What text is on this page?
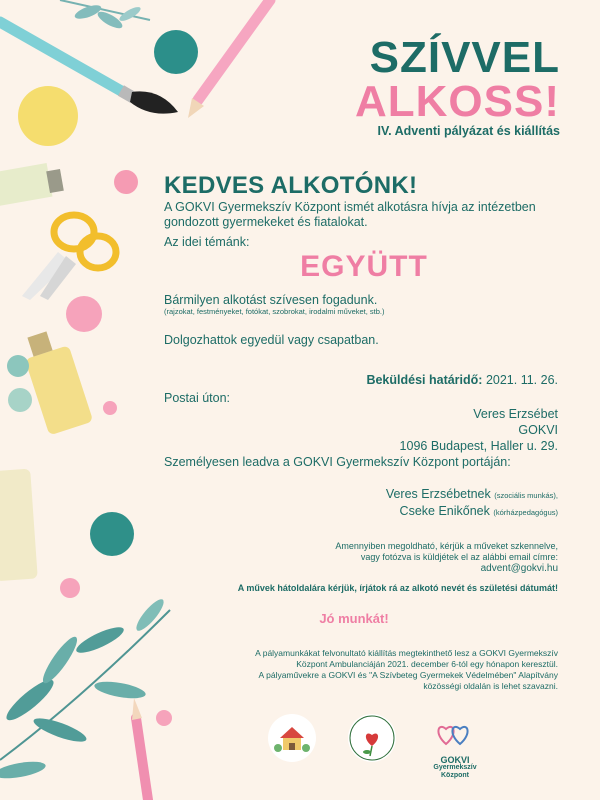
SZÍVVEL
ALKOSS!
IV. Adventi pályázat és kiállítás
KEDVES ALKOTÓNK!
A GOKVI Gyermekszív Központ ismét alkotásra hívja az intézetben gondozott gyermekeket és fiatalokat.
Az idei témánk:
EGYÜTT
Bármilyen alkotást szívesen fogadunk.
(rajzokat, festményeket, fotókat, szobrokat, irodalmi műveket, stb.)
Dolgozhattok egyedül vagy csapatban.
Beküldési határidő: 2021. 11. 26.
Postai úton:
Veres Erzsébet
GOKVI
1096 Budapest, Haller u. 29.
Személyesen leadva a GOKVI Gyermekszív Központ portáján:
Veres Erzsébetnek (szociális munkás),
Cseke Enikőnek (kórházpedagógus)
Amennyiben megoldható, kérjük a műveket szkennelve,
vagy fotózva is küldjétek el az alábbi email címre:
advent@gokvi.hu
A művek hátoldalára kérjük, írjátok rá az alkotó nevét és születési dátumát!
Jó munkát!
A pályamunkákat felvonultató kiállítás megtekinthető lesz a GOKVI Gyermekszív
Központ Ambulanciáján 2021. december 6-tól egy hónapon keresztül.
A pályaművekre a GOKVI és "A Szívbeteg Gyermekek Védelmében" Alapítvány
közösségi oldalán is lehet szavazni.
GOKVI
Gyermekszív
Központ
